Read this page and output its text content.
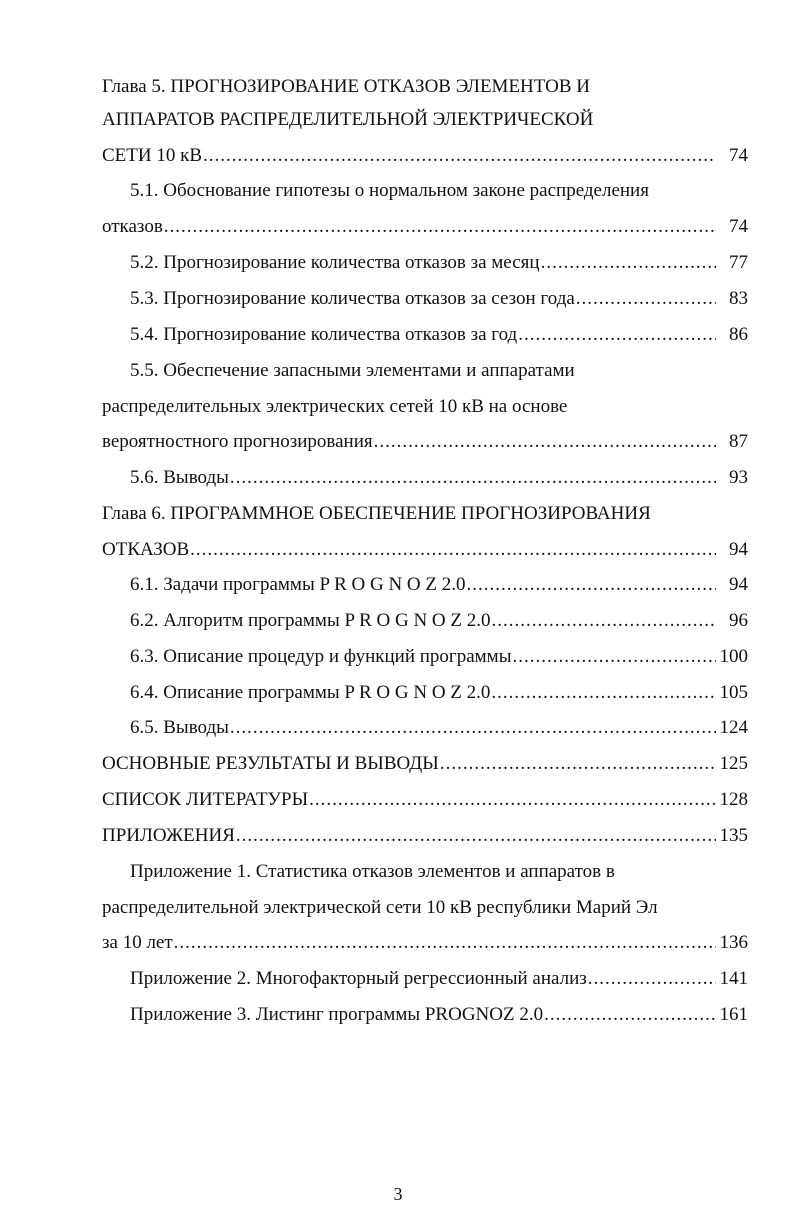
Глава 5. ПРОГНОЗИРОВАНИЕ ОТКАЗОВ ЭЛЕМЕНТОВ И
АППАРАТОВ РАСПРЕДЕЛИТЕЛЬНОЙ ЭЛЕКТРИЧЕСКОЙ
СЕТИ 10 кВ .....	74
5.1. Обоснование гипотезы о нормальном законе распределения
отказов .....	74
5.2. Прогнозирование количества отказов за месяц .....	77
5.3. Прогнозирование количества отказов за сезон года .....	83
5.4. Прогнозирование количества отказов за год .....	86
5.5. Обеспечение запасными элементами и аппаратами
распределительных электрических сетей 10 кВ на основе
вероятностного прогнозирования .....	87
5.6. Выводы .....	93
Глава 6. ПРОГРАММНОЕ ОБЕСПЕЧЕНИЕ ПРОГНОЗИРОВАНИЯ
ОТКАЗОВ .....	94
6.1. Задачи программы P R O G N O Z 2.0 .....	94
6.2. Алгоритм программы P R O G N O Z 2.0 .....	96
6.3. Описание процедур и функций программы .....	100
6.4. Описание программы P R O G N O Z 2.0 .....	105
6.5. Выводы .....	124
ОСНОВНЫЕ РЕЗУЛЬТАТЫ И ВЫВОДЫ .....	125
СПИСОК ЛИТЕРАТУРЫ .....	128
ПРИЛОЖЕНИЯ .....	135
Приложение 1. Статистика отказов элементов и аппаратов в
распределительной электрической сети 10 кВ республики Марий Эл
за 10 лет .....	136
Приложение 2. Многофакторный регрессионный анализ .....	141
Приложение 3. Листинг программы PROGNOZ 2.0 .....	161
3
